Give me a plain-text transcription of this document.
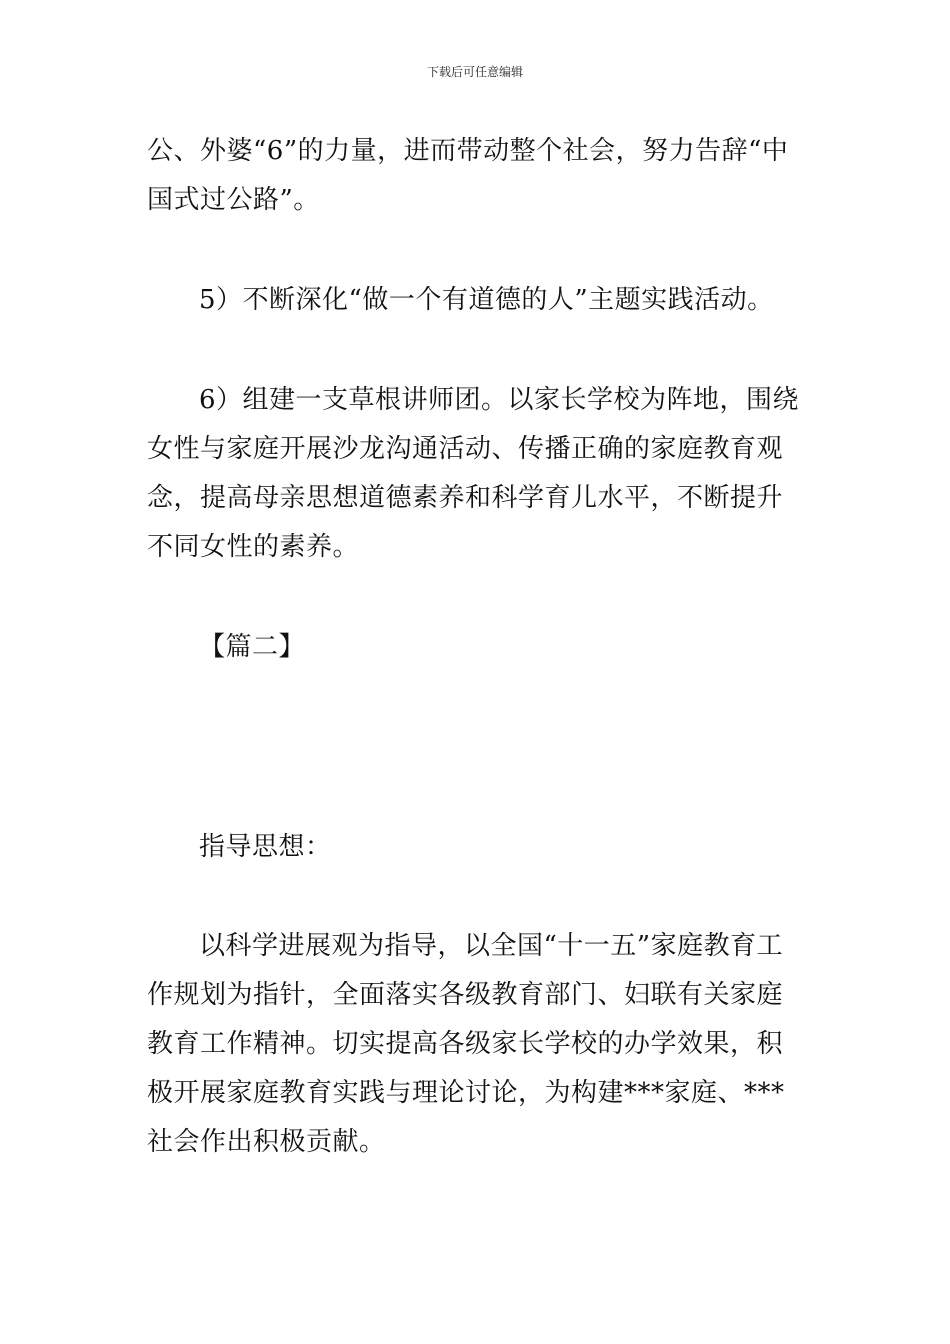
下载后可任意编辑

公、外婆“6”的力量，进而带动整个社会，努力告辞“中国式过公路”。

5）不断深化“做一个有道德的人”主题实践活动。

6）组建一支草根讲师团。以家长学校为阵地，围绕女性与家庭开展沙龙沟通活动、传播正确的家庭教育观念，提高母亲思想道德素养和科学育儿水平，不断提升不同女性的素养。

【篇二】

指导思想：

以科学进展观为指导，以全国“十一五”家庭教育工作规划为指针，全面落实各级教育部门、妇联有关家庭教育工作精神。切实提高各级家长学校的办学效果，积极开展家庭教育实践与理论讨论，为构建***家庭、***社会作出积极贡献。
